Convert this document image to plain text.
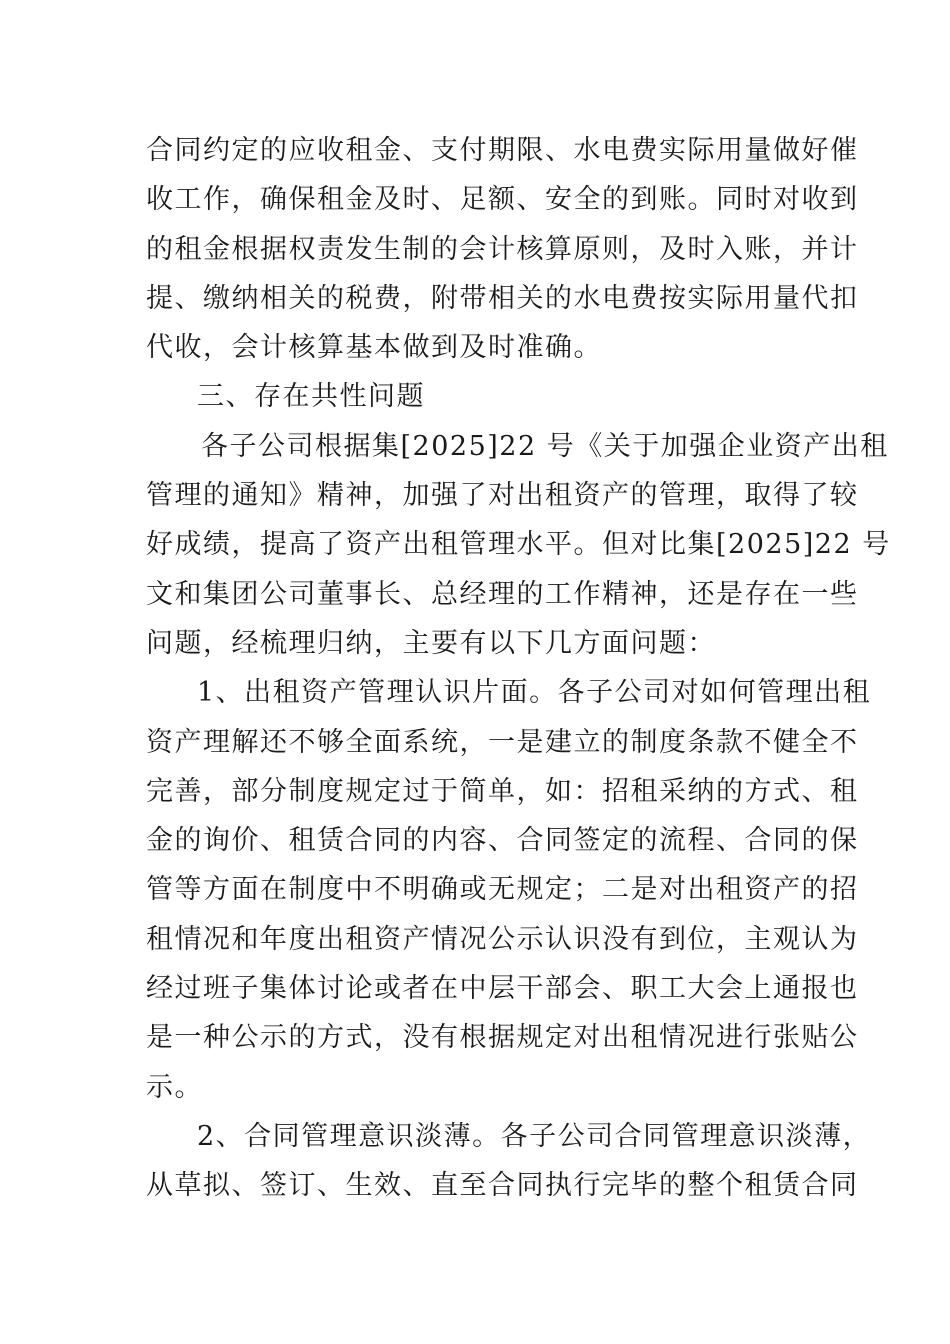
合同约定的应收租金、支付期限、水电费实际用量做好催
收工作，确保租金及时、足额、安全的到账。同时对收到
的租金根据权责发生制的会计核算原则，及时入账，并计
提、缴纳相关的税费，附带相关的水电费按实际用量代扣
代收，会计核算基本做到及时准确。
三、存在共性问题
各子公司根据集[2025]22 号《关于加强企业资产出租
管理的通知》精神，加强了对出租资产的管理，取得了较
好成绩，提高了资产出租管理水平。但对比集[2025]22 号
文和集团公司董事长、总经理的工作精神，还是存在一些
问题，经梳理归纳，主要有以下几方面问题：
1、出租资产管理认识片面。各子公司对如何管理出租
资产理解还不够全面系统，一是建立的制度条款不健全不
完善，部分制度规定过于简单，如：招租采纳的方式、租
金的询价、租赁合同的内容、合同签定的流程、合同的保
管等方面在制度中不明确或无规定；二是对出租资产的招
租情况和年度出租资产情况公示认识没有到位，主观认为
经过班子集体讨论或者在中层干部会、职工大会上通报也
是一种公示的方式，没有根据规定对出租情况进行张贴公
示。
2、合同管理意识淡薄。各子公司合同管理意识淡薄，
从草拟、签订、生效、直至合同执行完毕的整个租赁合同
